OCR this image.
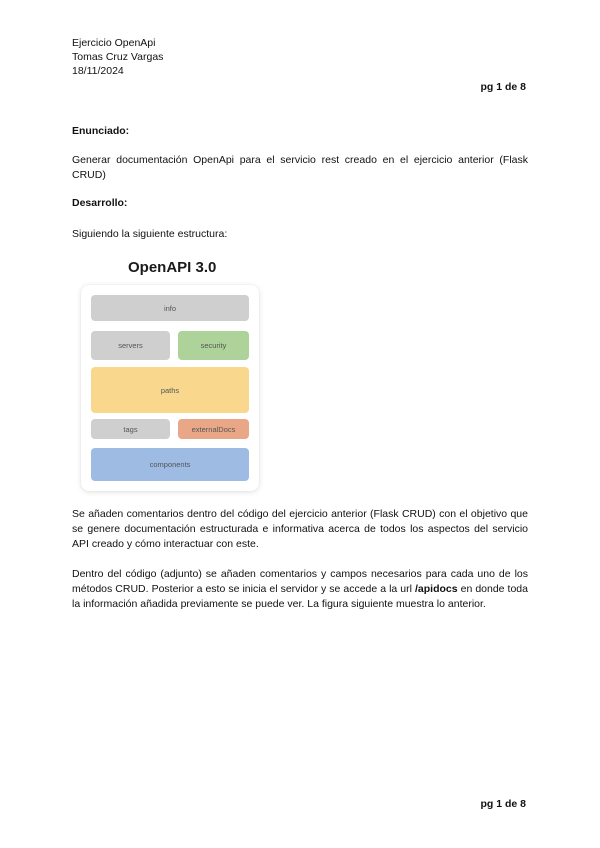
Ejercicio OpenApi
Tomas Cruz Vargas
18/11/2024
pg 1 de 8
Enunciado:
Generar documentación OpenApi para el servicio rest creado en el ejercicio anterior (Flask CRUD)
Desarrollo:
Siguiendo la siguiente estructura:
OpenAPI 3.0
info
servers	security
paths
tags	externalDocs
components
Se añaden comentarios dentro del código del ejercicio anterior (Flask CRUD) con el objetivo que se genere documentación estructurada e informativa acerca de todos los aspectos del servicio API creado y cómo interactuar con este.
Dentro del código (adjunto) se añaden comentarios y campos necesarios para cada uno de los métodos CRUD. Posterior a esto se inicia el servidor y se accede a la url /apidocs en donde toda la información añadida previamente se puede ver. La figura siguiente muestra lo anterior.
pg 1 de 8
